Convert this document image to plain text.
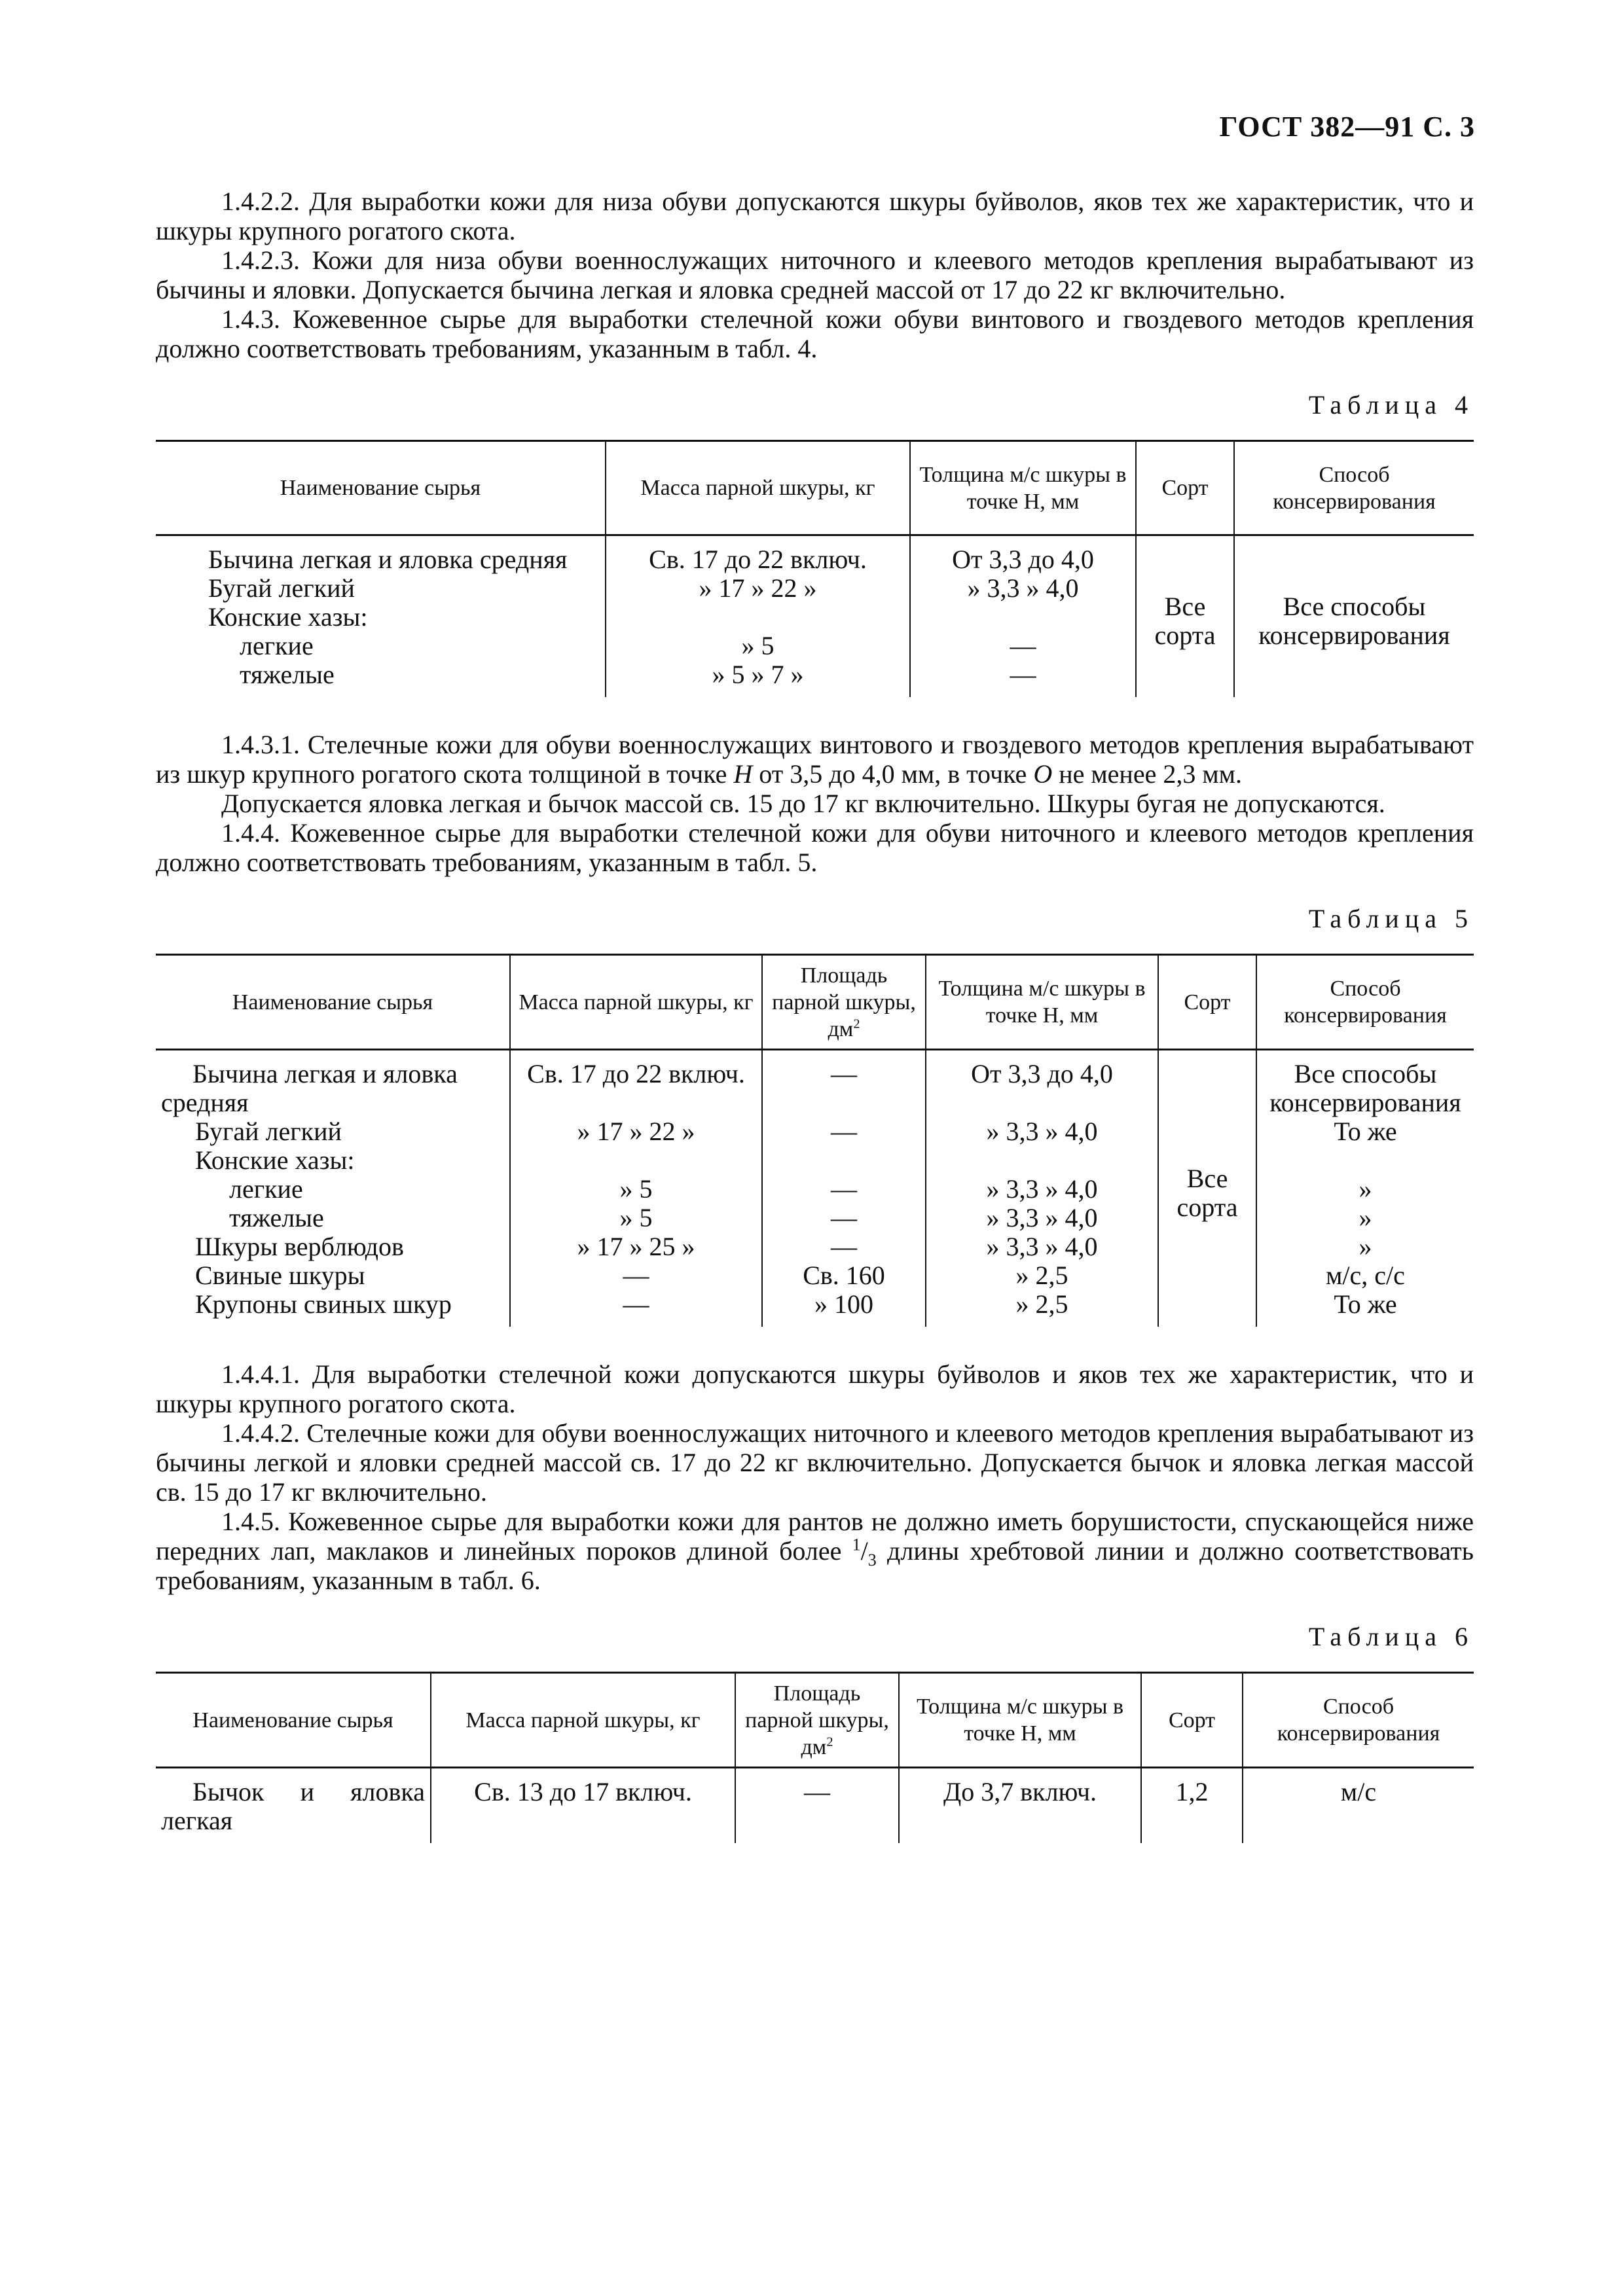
ГОСТ 382—91 С. 3

1.4.2.2. Для выработки кожи для низа обуви допускаются шкуры буйволов, яков тех же характеристик, что и шкуры крупного рогатого скота.

1.4.2.3. Кожи для низа обуви военнослужащих ниточного и клеевого методов крепления вырабатывают из бычины и яловки. Допускается бычина легкая и яловка средней массой от 17 до 22 кг включительно.

1.4.3. Кожевенное сырье для выработки стелечной кожи обуви винтового и гвоздевого методов крепления должно соответствовать требованиям, указанным в табл. 4.

Таблица 4

Наименование сырья	Масса парной шкуры, кг	Толщина м/с шкуры в точке Н, мм	Сорт	Способ консервирования
Бычина легкая и яловка средняя	Св. 17 до 22 включ.	От 3,3 до 4,0	Все сорта	Все способы консервирования
Бугай легкий	» 17 » 22 »	» 3,3 » 4,0		
Конские хазы:				
легкие	» 5	—		
тяжелые	» 5 » 7 »	—		

1.4.3.1. Стелечные кожи для обуви военнослужащих винтового и гвоздевого методов крепления вырабатывают из шкур крупного рогатого скота толщиной в точке Н от 3,5 до 4,0 мм, в точке О не менее 2,3 мм.

Допускается яловка легкая и бычок массой св. 15 до 17 кг включительно. Шкуры бугая не допускаются.

1.4.4. Кожевенное сырье для выработки стелечной кожи для обуви ниточного и клеевого методов крепления должно соответствовать требованиям, указанным в табл. 5.

Таблица 5

Наименование сырья	Масса парной шкуры, кг	Площадь парной шкуры, $дм^2$	Толщина м/с шкуры в точке Н, мм	Сорт	Способ консервирования
Бычина легкая и яловка средняя	Св. 17 до 22 включ.	—	От 3,3 до 4,0	Все сорта	Все способы консервирования
Бугай легкий	» 17 » 22 »	—	» 3,3 » 4,0		То же
Конские хазы:					
легкие	» 5	—	» 3,3 » 4,0		»
тяжелые	» 5	—	» 3,3 » 4,0		»
Шкуры верблюдов	» 17 » 25 »	—	» 3,3 » 4,0		»
Свиные шкуры	—	Св. 160	» 2,5		м/с, с/с
Крупоны свиных шкур	—	» 100	» 2,5		То же

1.4.4.1. Для выработки стелечной кожи допускаются шкуры буйволов и яков тех же характеристик, что и шкуры крупного рогатого скота.

1.4.4.2. Стелечные кожи для обуви военнослужащих ниточного и клеевого методов крепления вырабатывают из бычины легкой и яловки средней массой св. 17 до 22 кг включительно. Допускается бычок и яловка легкая массой св. 15 до 17 кг включительно.

1.4.5. Кожевенное сырье для выработки кожи для рантов не должно иметь борушистости, спускающейся ниже передних лап, маклаков и линейных пороков длиной более $^1/_3$ длины хребтовой линии и должно соответствовать требованиям, указанным в табл. 6.

Таблица 6

Наименование сырья	Масса парной шкуры, кг	Площадь парной шкуры, $дм^2$	Толщина м/с шкуры в точке Н, мм	Сорт	Способ консервирования
Бычок и яловка легкая	Св. 13 до 17 включ.	—	До 3,7 включ.	1,2	м/с
